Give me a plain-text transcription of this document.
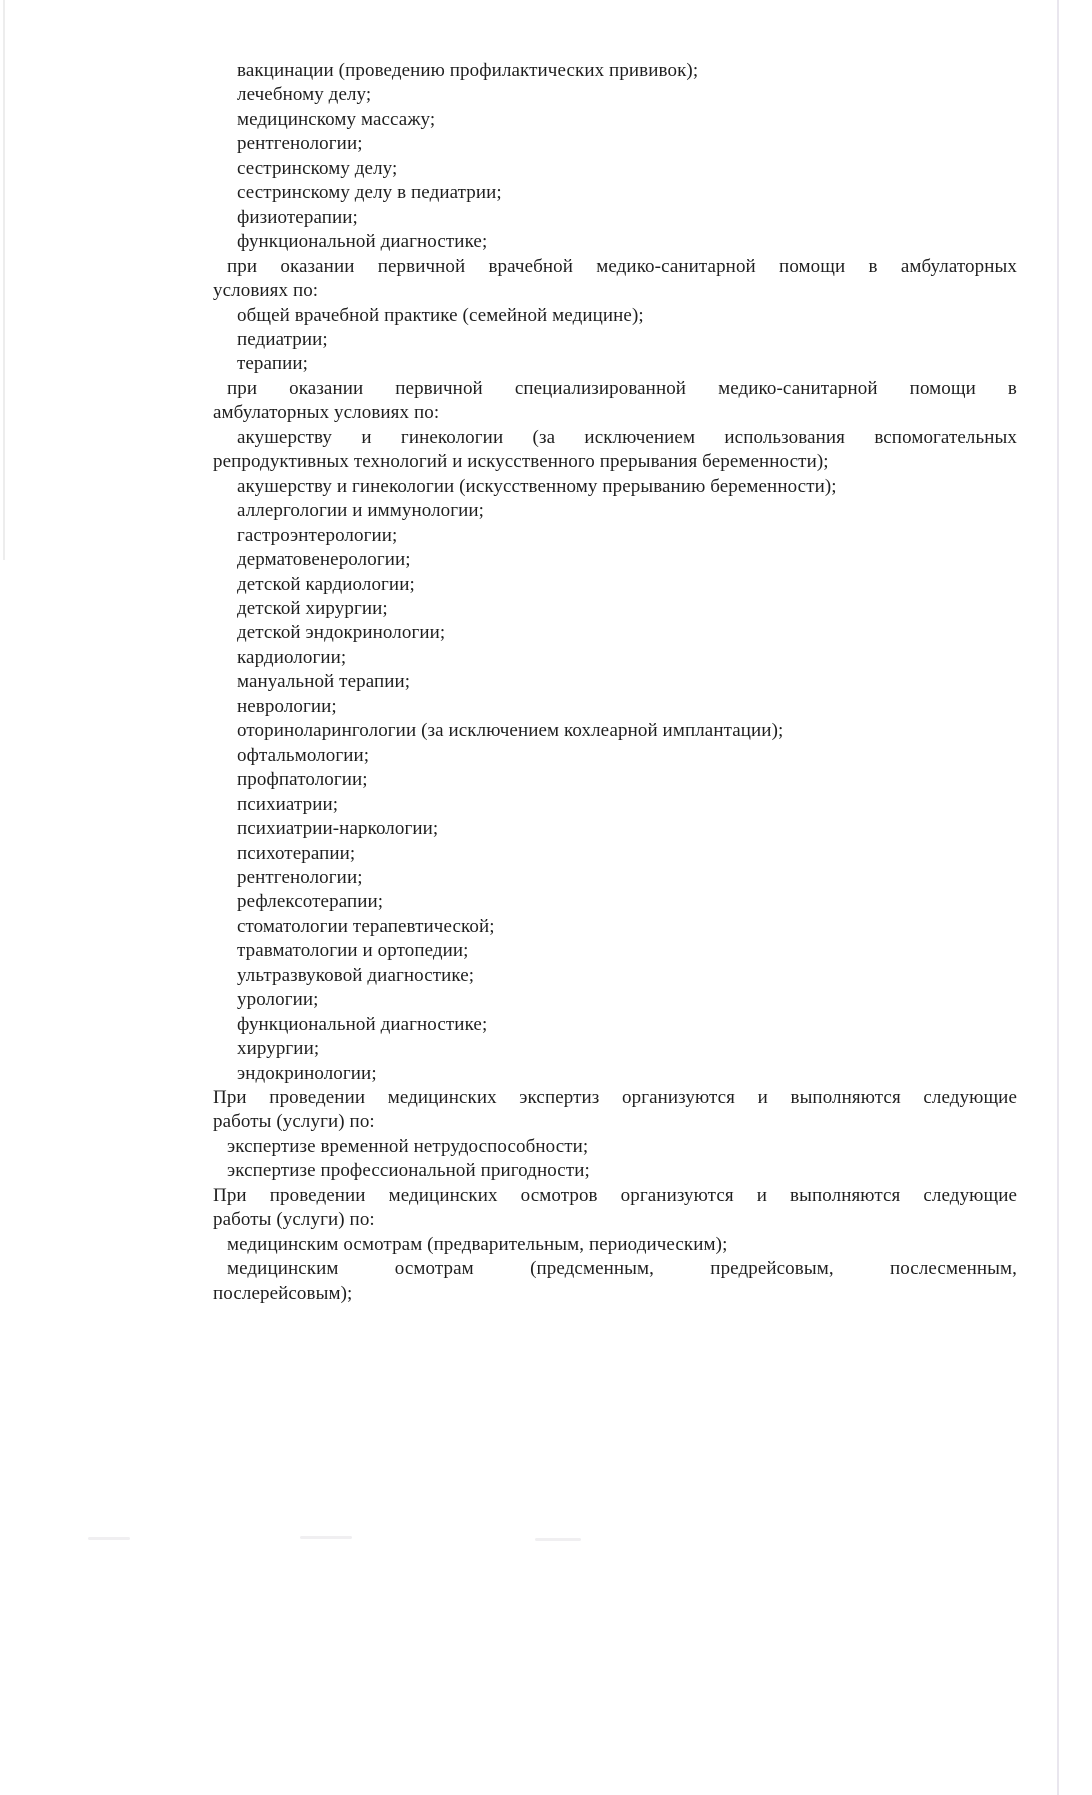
вакцинации (проведению профилактических прививок);
лечебному делу;
медицинскому массажу;
рентгенологии;
сестринскому делу;
сестринскому делу в педиатрии;
физиотерапии;
функциональной диагностике;
при оказании первичной врачебной медико-санитарной помощи в амбулаторных
условиях по:
общей врачебной практике (семейной медицине);
педиатрии;
терапии;
при оказании первичной специализированной медико-санитарной помощи в
амбулаторных условиях по:
акушерству и гинекологии (за исключением использования вспомогательных
репродуктивных технологий и искусственного прерывания беременности);
акушерству и гинекологии (искусственному прерыванию беременности);
аллергологии и иммунологии;
гастроэнтерологии;
дерматовенерологии;
детской кардиологии;
детской хирургии;
детской эндокринологии;
кардиологии;
мануальной терапии;
неврологии;
оториноларингологии (за исключением кохлеарной имплантации);
офтальмологии;
профпатологии;
психиатрии;
психиатрии-наркологии;
психотерапии;
рентгенологии;
рефлексотерапии;
стоматологии терапевтической;
травматологии и ортопедии;
ультразвуковой диагностике;
урологии;
функциональной диагностике;
хирургии;
эндокринологии;
При проведении медицинских экспертиз организуются и выполняются следующие
работы (услуги) по:
экспертизе временной нетрудоспособности;
экспертизе профессиональной пригодности;
При проведении медицинских осмотров организуются и выполняются следующие
работы (услуги) по:
медицинским осмотрам (предварительным, периодическим);
медицинским осмотрам (предсменным, предрейсовым, послесменным,
послерейсовым);
